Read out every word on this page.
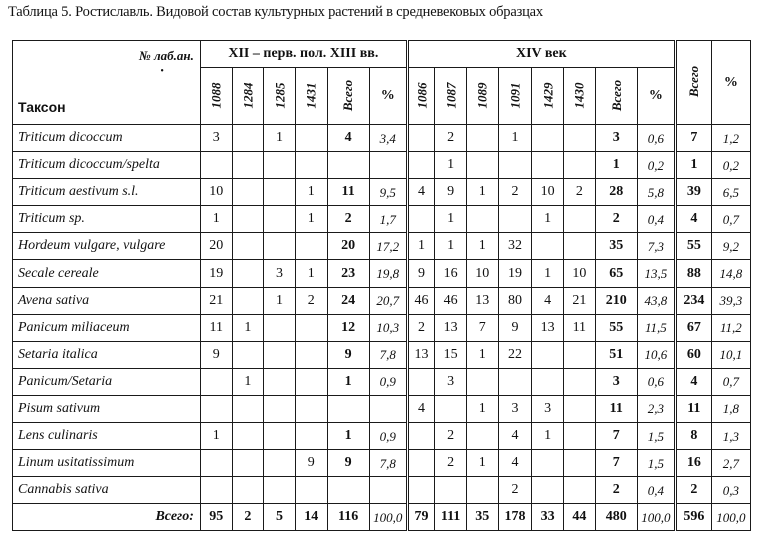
Таблица 5. Ростиславль. Видовой состав культурных растений в средневековых образцах
№ лаб.ан.
•
Таксон	XII – перв. пол. XIII вв.						XIV век								Всего	%
	1088	1284	1285	1431	Всего	%	1086	1087	1089	1091	1429	1430	Всего	%		
Triticum dicoccum	3		1		4	3,4		2		1			3	0,6	7	1,2
Triticum dicoccum/spelta								1					1	0,2	1	0,2
Triticum aestivum s.l.	10			1	11	9,5	4	9	1	2	10	2	28	5,8	39	6,5
Triticum sp.	1			1	2	1,7		1			1		2	0,4	4	0,7
Hordeum vulgare, vulgare	20				20	17,2	1	1	1	32			35	7,3	55	9,2
Secale cereale	19		3	1	23	19,8	9	16	10	19	1	10	65	13,5	88	14,8
Avena sativa	21		1	2	24	20,7	46	46	13	80	4	21	210	43,8	234	39,3
Panicum miliaceum	11	1			12	10,3	2	13	7	9	13	11	55	11,5	67	11,2
Setaria italica	9				9	7,8	13	15	1	22			51	10,6	60	10,1
Panicum/Setaria		1			1	0,9		3					3	0,6	4	0,7
Pisum sativum							4		1	3	3		11	2,3	11	1,8
Lens culinaris	1				1	0,9		2		4	1		7	1,5	8	1,3
Linum usitatissimum				9	9	7,8		2	1	4			7	1,5	16	2,7
Cannabis sativa										2			2	0,4	2	0,3
Всего:	95	2	5	14	116	100,0	79	111	35	178	33	44	480	100,0	596	100,0
